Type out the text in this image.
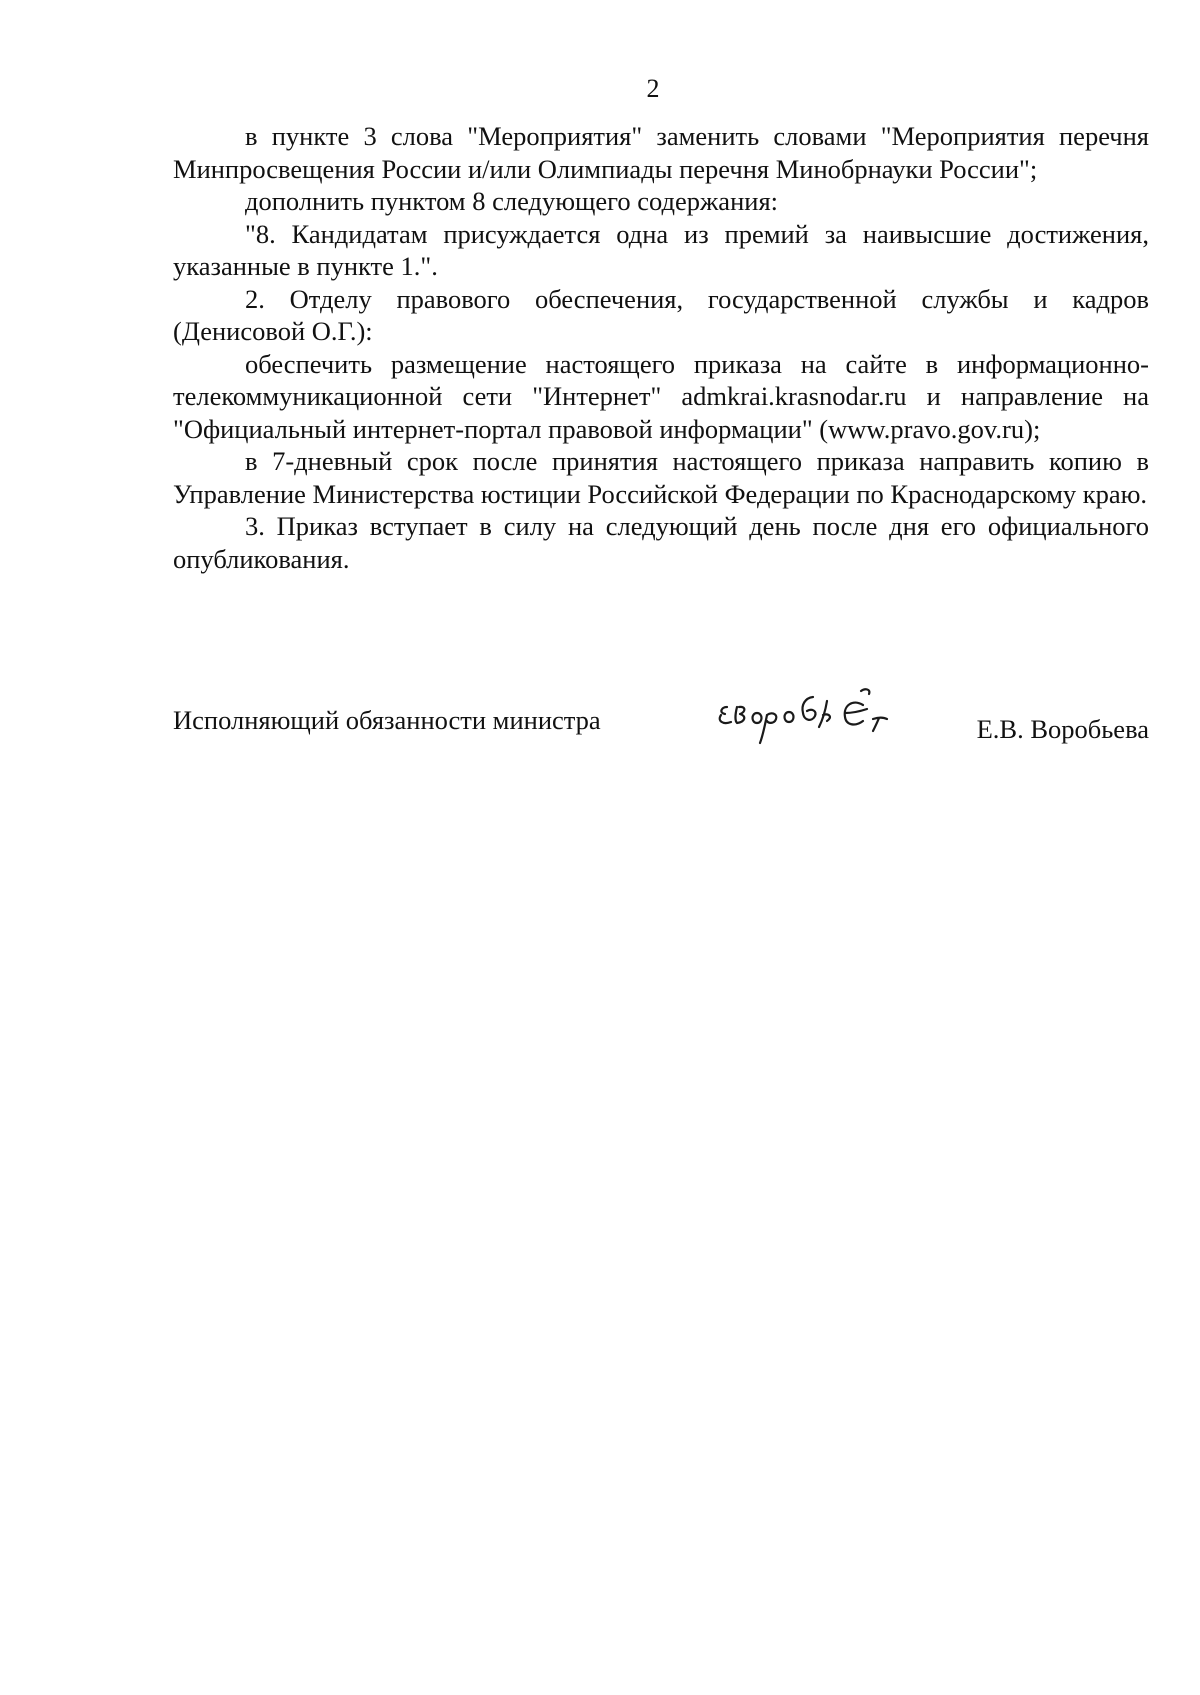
2

в пункте 3 слова "Мероприятия" заменить словами "Мероприятия перечня Минпросвещения России и/или Олимпиады перечня Минобрнауки России";

дополнить пунктом 8 следующего содержания:

"8. Кандидатам присуждается одна из премий за наивысшие достижения, указанные в пункте 1.".

2. Отделу правового обеспечения, государственной службы и кадров (Денисовой О.Г.):

обеспечить размещение настоящего приказа на сайте в информационно-телекоммуникационной сети "Интернет" admkrai.krasnodar.ru и направление на "Официальный интернет-портал правовой информации" (www.pravo.gov.ru);

в 7-дневный срок после принятия настоящего приказа направить копию в Управление Министерства юстиции Российской Федерации по Краснодарскому краю.

3. Приказ вступает в силу на следующий день после дня его официального опубликования.

Исполняющий обязанности министра	Е.В. Воробьева
